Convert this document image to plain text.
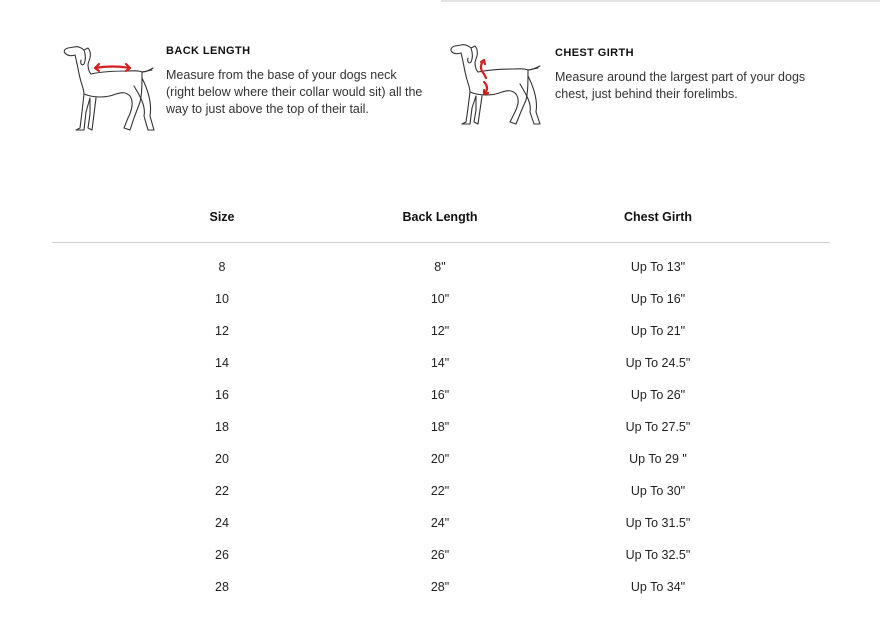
BACK LENGTH

Measure from the base of your dogs neck (right below where their collar would sit) all the way to just above the top of their tail.

CHEST GIRTH

Measure around the largest part of your dogs chest, just behind their forelimbs.

Size	Back Length	Chest Girth
8	8"	Up To 13"
10	10"	Up To 16"
12	12"	Up To 21"
14	14"	Up To 24.5"
16	16"	Up To 26"
18	18"	Up To 27.5"
20	20"	Up To 29 "
22	22"	Up To 30"
24	24"	Up To 31.5"
26	26"	Up To 32.5"
28	28"	Up To 34"
